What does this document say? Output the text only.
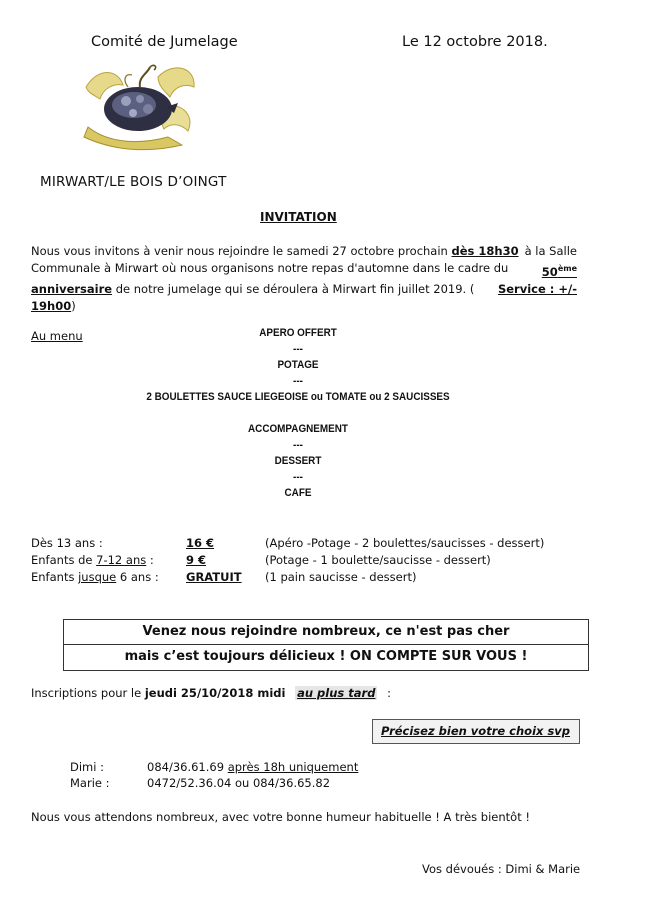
Comité de Jumelage	Le 12 octobre 2018.
MIRWART/LE BOIS D’OINGT
INVITATION
Nous vous invitons à venir nous rejoindre le samedi 27 octobre prochain dès 18h30 à la Salle
Communale à Mirwart où nous organisons notre repas d'automne dans le cadre du	50ème
anniversaire de notre jumelage qui se déroulera à Mirwart fin juillet 2019. ( Service : +/-
19h00)
Au menu	APERO OFFERT
---
POTAGE
---
2 BOULETTES SAUCE LIEGEOISE ou TOMATE ou 2 SAUCISSES
ACCOMPAGNEMENT
---
DESSERT
---
CAFE
Dès 13 ans :	16 €	(Apéro -Potage - 2 boulettes/saucisses - dessert)
Enfants de 7-12 ans :	9 €	(Potage - 1 boulette/saucisse - dessert)
Enfants jusque 6 ans : GRATUIT (1 pain saucisse - dessert)
Venez nous rejoindre nombreux, ce n'est pas cher
mais c’est toujours délicieux ! ON COMPTE SUR VOUS !
Inscriptions pour le jeudi 25/10/2018 midi au plus tard :
Précisez bien votre choix svp
Dimi :	084/36.61.69 après 18h uniquement
Marie :	0472/52.36.04 ou 084/36.65.82
Nous vous attendons nombreux, avec votre bonne humeur habituelle ! A très bientôt !
Vos dévoués : Dimi & Marie
